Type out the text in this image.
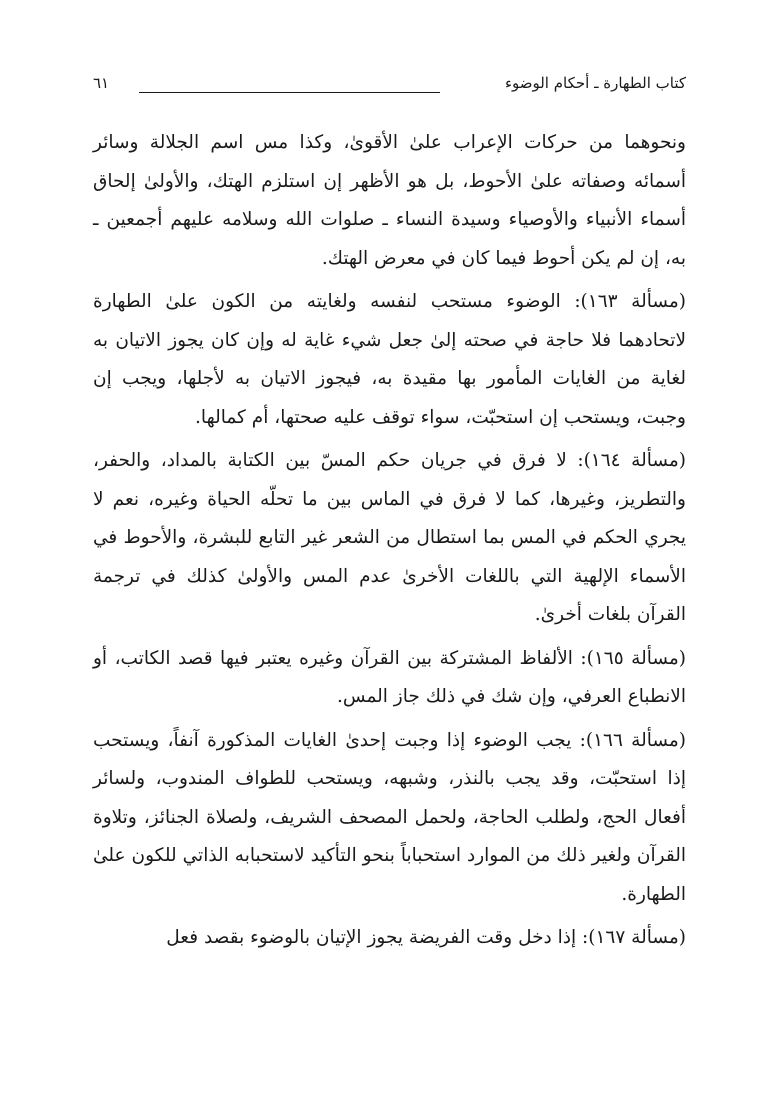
كتاب الطهارة ـ أحكام الوضوء
٦١

ونحوهما من حركات الإعراب علىٰ الأقوىٰ، وكذا مس اسم الجلالة وسائر أسمائه وصفاته علىٰ الأحوط، بل هو الأظهر إن استلزم الهتك، والأولىٰ إلحاق أسماء الأنبياء والأوصياء وسيدة النساء ـ صلوات الله وسلامه عليهم أجمعين ـ به، إن لم يكن أحوط فيما كان في معرض الهتك.

(مسألة ١٦٣): الوضوء مستحب لنفسه ولغايته من الكون علىٰ الطهارة لاتحادهما فلا حاجة في صحته إلىٰ جعل شيء غاية له وإن كان يجوز الاتيان به لغاية من الغايات المأمور بها مقيدة به، فيجوز الاتيان به لأجلها، ويجب إن وجبت، ويستحب إن استحبّت، سواء توقف عليه صحتها، أم كمالها.

(مسألة ١٦٤): لا فرق في جريان حكم المسّ بين الكتابة بالمداد، والحفر، والتطريز، وغيرها، كما لا فرق في الماس بين ما تحلّه الحياة وغيره، نعم لا يجري الحكم في المس بما استطال من الشعر غير التابع للبشرة، والأحوط في الأسماء الإلهية التي باللغات الأخرىٰ عدم المس والأولىٰ كذلك في ترجمة القرآن بلغات أخرىٰ.

(مسألة ١٦٥): الألفاظ المشتركة بين القرآن وغيره يعتبر فيها قصد الكاتب، أو الانطباع العرفي، وإن شك في ذلك جاز المس.

(مسألة ١٦٦): يجب الوضوء إذا وجبت إحدىٰ الغايات المذكورة آنفاً، ويستحب إذا استحبّت، وقد يجب بالنذر، وشبهه، ويستحب للطواف المندوب، ولسائر أفعال الحج، ولطلب الحاجة، ولحمل المصحف الشريف، ولصلاة الجنائز، وتلاوة القرآن ولغير ذلك من الموارد استحباباً بنحو التأكيد لاستحبابه الذاتي للكون علىٰ الطهارة.

(مسألة ١٦٧): إذا دخل وقت الفريضة يجوز الإتيان بالوضوء بقصد فعل
